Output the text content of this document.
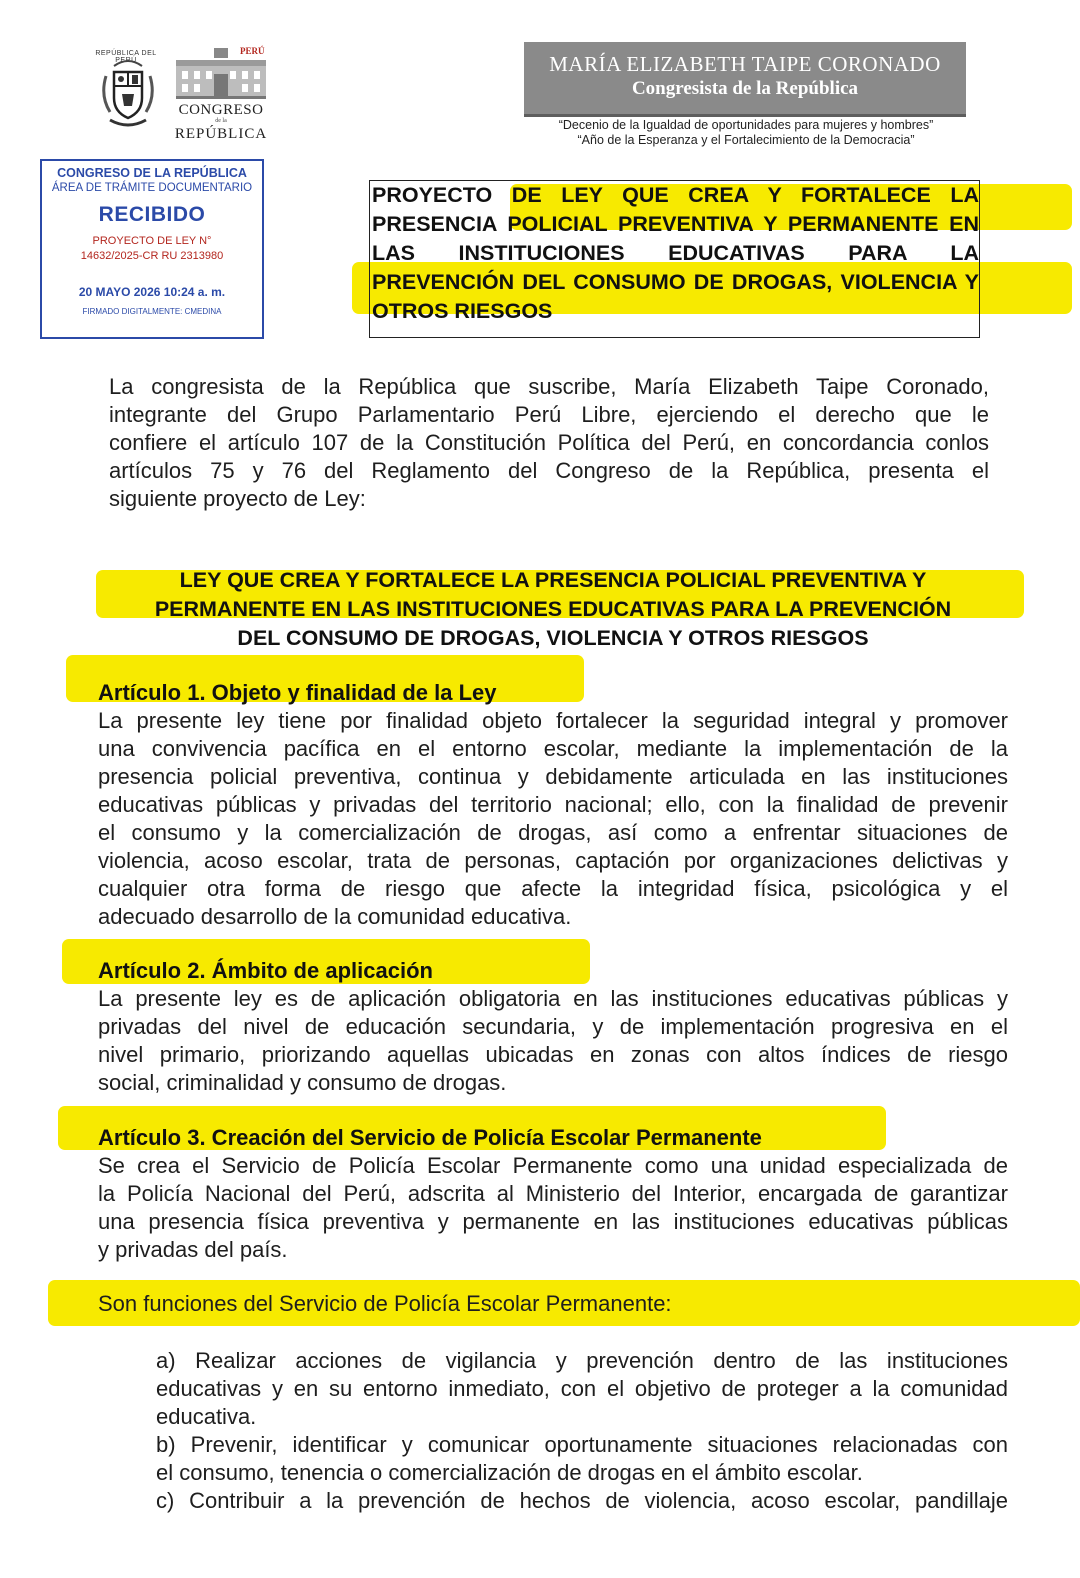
REPÚBLICA DEL PERÚ
PERÚ
CONGRESO
de la
REPÚBLICA
MARÍA ELIZABETH TAIPE CORONADO
Congresista de la República
“Decenio de la Igualdad de oportunidades para mujeres y hombres”
“Año de la Esperanza y el Fortalecimiento de la Democracia”
CONGRESO DE LA REPÚBLICA
ÁREA DE TRÁMITE DOCUMENTARIO
RECIBIDO
PROYECTO DE LEY N°
14632/2025-CR RU 2313980
20 MAYO 2026 10:24 a. m.
FIRMADO DIGITALMENTE: CMEDINA
PROYECTO DE LEY QUE CREA Y FORTALECE LA
PRESENCIA POLICIAL PREVENTIVA Y PERMANENTE EN
LAS INSTITUCIONES EDUCATIVAS PARA LA
PREVENCIÓN DEL CONSUMO DE DROGAS, VIOLENCIA Y
OTROS RIESGOS
La congresista de la República que suscribe, María Elizabeth Taipe Coronado,
integrante del Grupo Parlamentario Perú Libre, ejerciendo el derecho que le
confiere el artículo 107 de la Constitución Política del Perú, en concordancia conlos
artículos 75 y 76 del Reglamento del Congreso de la República, presenta el
siguiente proyecto de Ley:
LEY QUE CREA Y FORTALECE LA PRESENCIA POLICIAL PREVENTIVA Y
PERMANENTE EN LAS INSTITUCIONES EDUCATIVAS PARA LA PREVENCIÓN
DEL CONSUMO DE DROGAS, VIOLENCIA Y OTROS RIESGOS
Artículo 1. Objeto y finalidad de la Ley
La presente ley tiene por finalidad objeto fortalecer la seguridad integral y promover
una convivencia pacífica en el entorno escolar, mediante la implementación de la
presencia policial preventiva, continua y debidamente articulada en las instituciones
educativas públicas y privadas del territorio nacional; ello, con la finalidad de prevenir
el consumo y la comercialización de drogas, así como a enfrentar situaciones de
violencia, acoso escolar, trata de personas, captación por organizaciones delictivas y
cualquier otra forma de riesgo que afecte la integridad física, psicológica y el
adecuado desarrollo de la comunidad educativa.
Artículo 2. Ámbito de aplicación
La presente ley es de aplicación obligatoria en las instituciones educativas públicas y
privadas del nivel de educación secundaria, y de implementación progresiva en el
nivel primario, priorizando aquellas ubicadas en zonas con altos índices de riesgo
social, criminalidad y consumo de drogas.
Artículo 3. Creación del Servicio de Policía Escolar Permanente
Se crea el Servicio de Policía Escolar Permanente como una unidad especializada de
la Policía Nacional del Perú, adscrita al Ministerio del Interior, encargada de garantizar
una presencia física preventiva y permanente en las instituciones educativas públicas
y privadas del país.
Son funciones del Servicio de Policía Escolar Permanente:
a) Realizar acciones de vigilancia y prevención dentro de las instituciones
educativas y en su entorno inmediato, con el objetivo de proteger a la comunidad
educativa.
b) Prevenir, identificar y comunicar oportunamente situaciones relacionadas con
el consumo, tenencia o comercialización de drogas en el ámbito escolar.
c) Contribuir a la prevención de hechos de violencia, acoso escolar, pandillaje
